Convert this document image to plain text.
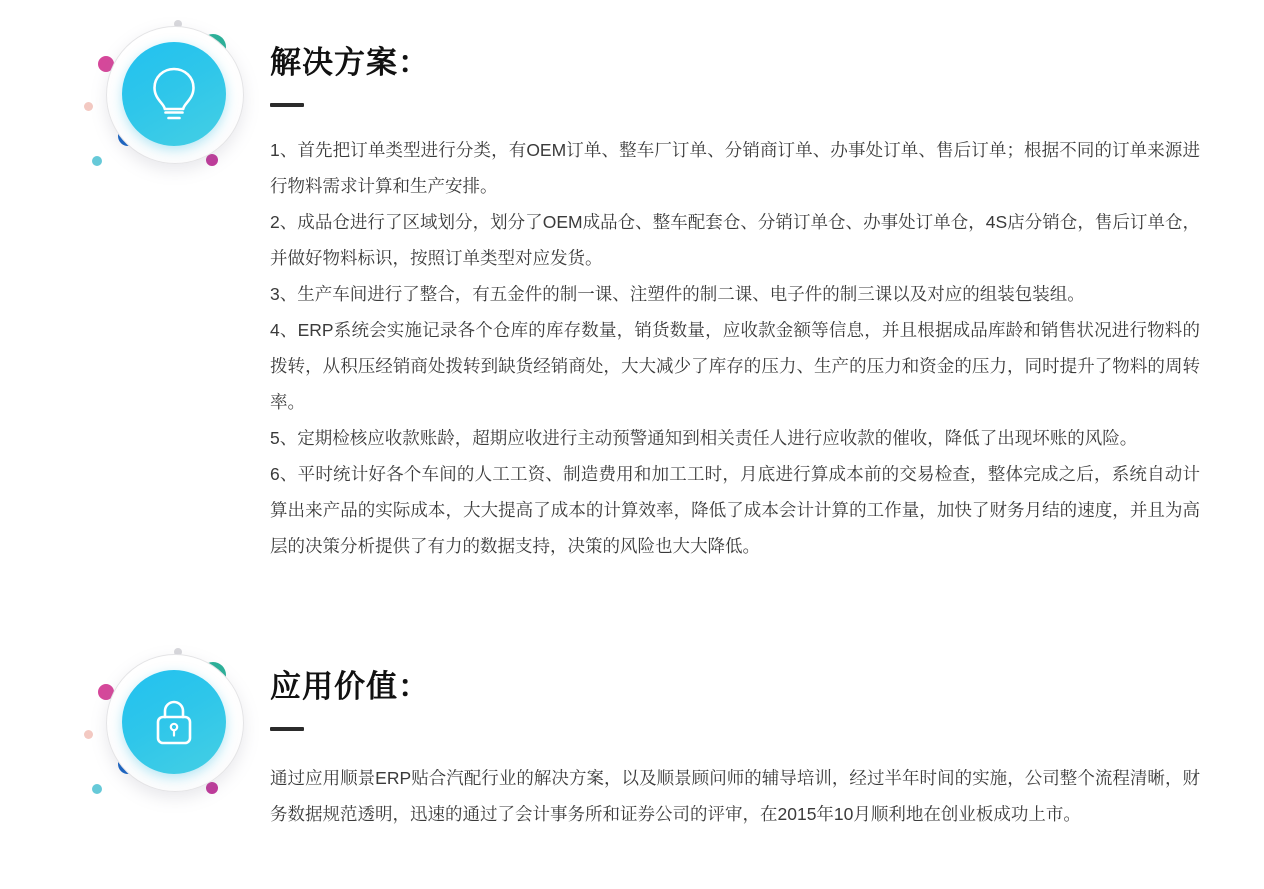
解决方案：

1、首先把订单类型进行分类，有OEM订单、整车厂订单、分销商订单、办事处订单、售后订单；根据不同的订单来源进行物料需求计算和生产安排。

2、成品仓进行了区域划分，划分了OEM成品仓、整车配套仓、分销订单仓、办事处订单仓，4S店分销仓，售后订单仓，并做好物料标识，按照订单类型对应发货。

3、生产车间进行了整合，有五金件的制一课、注塑件的制二课、电子件的制三课以及对应的组装包装组。

4、ERP系统会实施记录各个仓库的库存数量，销货数量，应收款金额等信息，并且根据成品库龄和销售状况进行物料的拨转，从积压经销商处拨转到缺货经销商处，大大减少了库存的压力、生产的压力和资金的压力，同时提升了物料的周转率。

5、定期检核应收款账龄，超期应收进行主动预警通知到相关责任人进行应收款的催收，降低了出现坏账的风险。

6、平时统计好各个车间的人工工资、制造费用和加工工时，月底进行算成本前的交易检查，整体完成之后，系统自动计算出来产品的实际成本，大大提高了成本的计算效率，降低了成本会计计算的工作量，加快了财务月结的速度，并且为高层的决策分析提供了有力的数据支持，决策的风险也大大降低。

应用价值：

通过应用顺景ERP贴合汽配行业的解决方案，以及顺景顾问师的辅导培训，经过半年时间的实施，公司整个流程清晰，财务数据规范透明，迅速的通过了会计事务所和证券公司的评审，在2015年10月顺利地在创业板成功上市。
